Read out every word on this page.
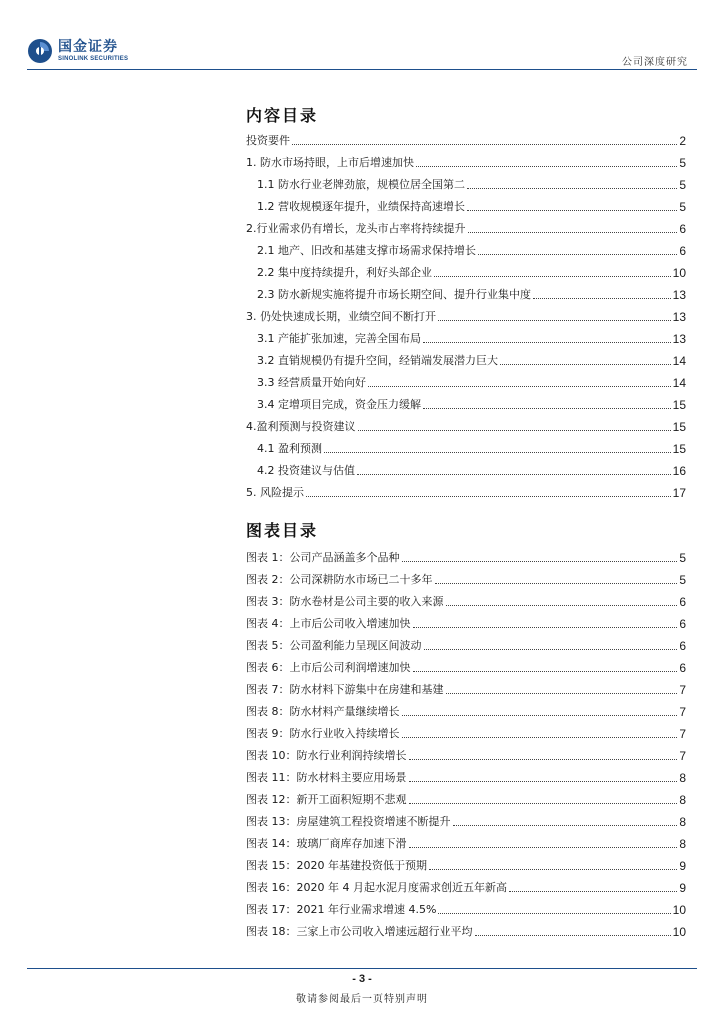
国金证券
SINOLINK SECURITIES	公司深度研究
内容目录
投资要件	2
1. 防水市场持眼，上市后增速加快	5
1.1 防水行业老牌劲旅，规模位居全国第二	5
1.2 营收规模逐年提升，业绩保持高速增长	5
2.行业需求仍有增长，龙头市占率将持续提升	6
2.1 地产、旧改和基建支撑市场需求保持增长	6
2.2 集中度持续提升，利好头部企业	10
2.3 防水新规实施将提升市场长期空间、提升行业集中度	13
3. 仍处快速成长期，业绩空间不断打开	13
3.1 产能扩张加速，完善全国布局	13
3.2 直销规模仍有提升空间，经销端发展潜力巨大	14
3.3 经营质量开始向好	14
3.4 定增项目完成，资金压力缓解	15
4.盈利预测与投资建议	15
4.1 盈利预测	15
4.2 投资建议与估值	16
5. 风险提示	17
图表目录
图表 1：公司产品涵盖多个品种	5
图表 2：公司深耕防水市场已二十多年	5
图表 3：防水卷材是公司主要的收入来源	6
图表 4：上市后公司收入增速加快	6
图表 5：公司盈利能力呈现区间波动	6
图表 6：上市后公司利润增速加快	6
图表 7：防水材料下游集中在房建和基建	7
图表 8：防水材料产量继续增长	7
图表 9：防水行业收入持续增长	7
图表 10：防水行业利润持续增长	7
图表 11：防水材料主要应用场景	8
图表 12：新开工面积短期不悲观	8
图表 13：房屋建筑工程投资增速不断提升	8
图表 14：玻璃厂商库存加速下滑	8
图表 15：2020 年基建投资低于预期	9
图表 16：2020 年 4 月起水泥月度需求创近五年新高	9
图表 17：2021 年行业需求增速 4.5%	10
图表 18：三家上市公司收入增速远超行业平均	10
- 3 -
敬请参阅最后一页特别声明
